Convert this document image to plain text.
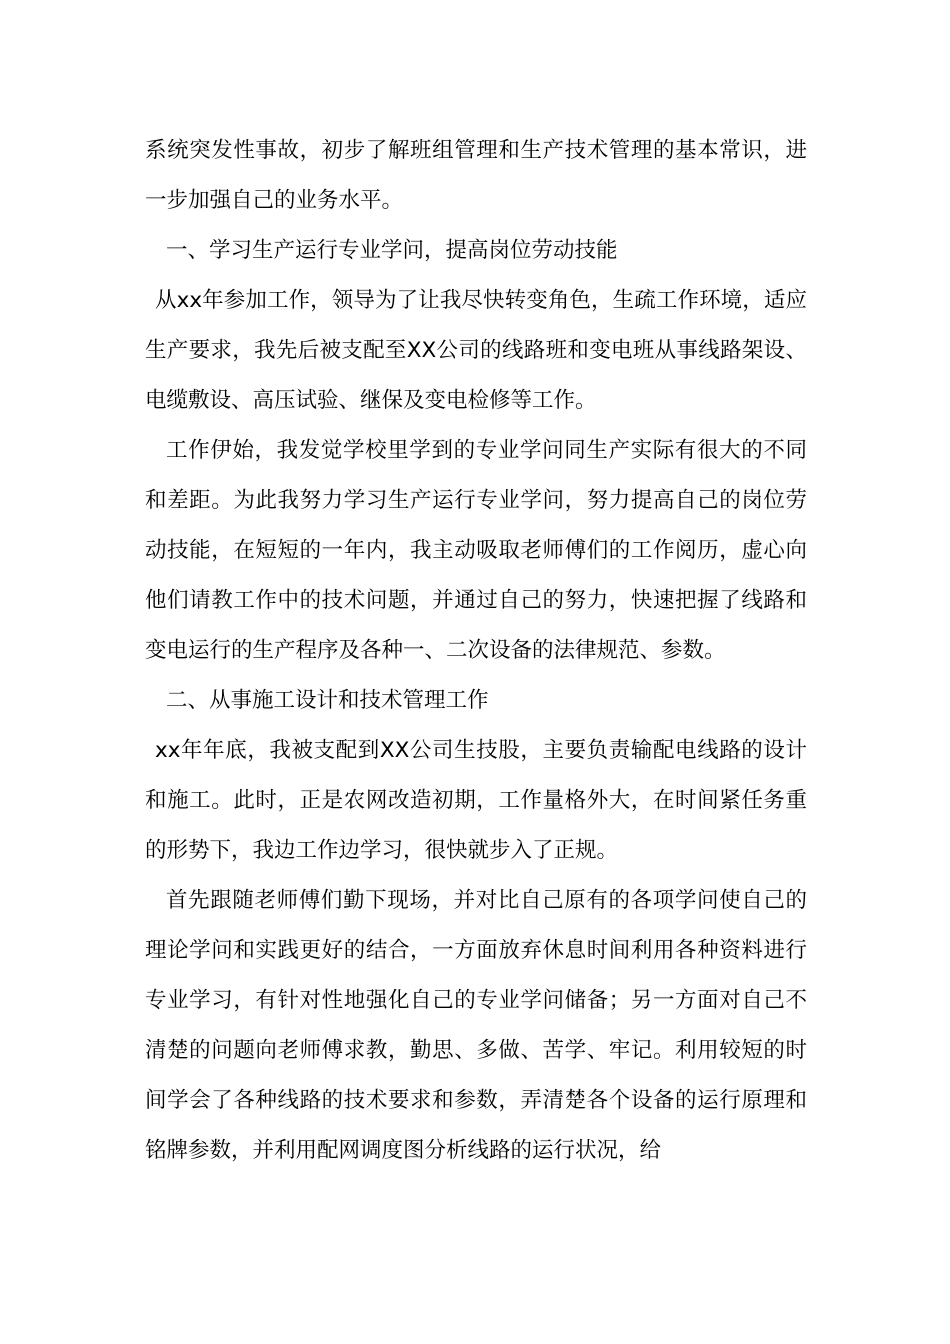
系统突发性事故，初步了解班组管理和生产技术管理的基本常识，进一步加强自己的业务水平。

一、学习生产运行专业学问，提高岗位劳动技能

从xx年参加工作，领导为了让我尽快转变角色，生疏工作环境，适应生产要求，我先后被支配至XX公司的线路班和变电班从事线路架设、电缆敷设、高压试验、继保及变电检修等工作。

工作伊始，我发觉学校里学到的专业学问同生产实际有很大的不同和差距。为此我努力学习生产运行专业学问，努力提高自己的岗位劳动技能，在短短的一年内，我主动吸取老师傅们的工作阅历，虚心向他们请教工作中的技术问题，并通过自己的努力，快速把握了线路和变电运行的生产程序及各种一、二次设备的法律规范、参数。

二、从事施工设计和技术管理工作

xx年年底，我被支配到XX公司生技股，主要负责输配电线路的设计和施工。此时，正是农网改造初期，工作量格外大，在时间紧任务重的形势下，我边工作边学习，很快就步入了正规。

首先跟随老师傅们勤下现场，并对比自己原有的各项学问使自己的理论学问和实践更好的结合，一方面放弃休息时间利用各种资料进行专业学习，有针对性地强化自己的专业学问储备；另一方面对自己不清楚的问题向老师傅求教，勤思、多做、苦学、牢记。利用较短的时间学会了各种线路的技术要求和参数，弄清楚各个设备的运行原理和铭牌参数，并利用配网调度图分析线路的运行状况，给
